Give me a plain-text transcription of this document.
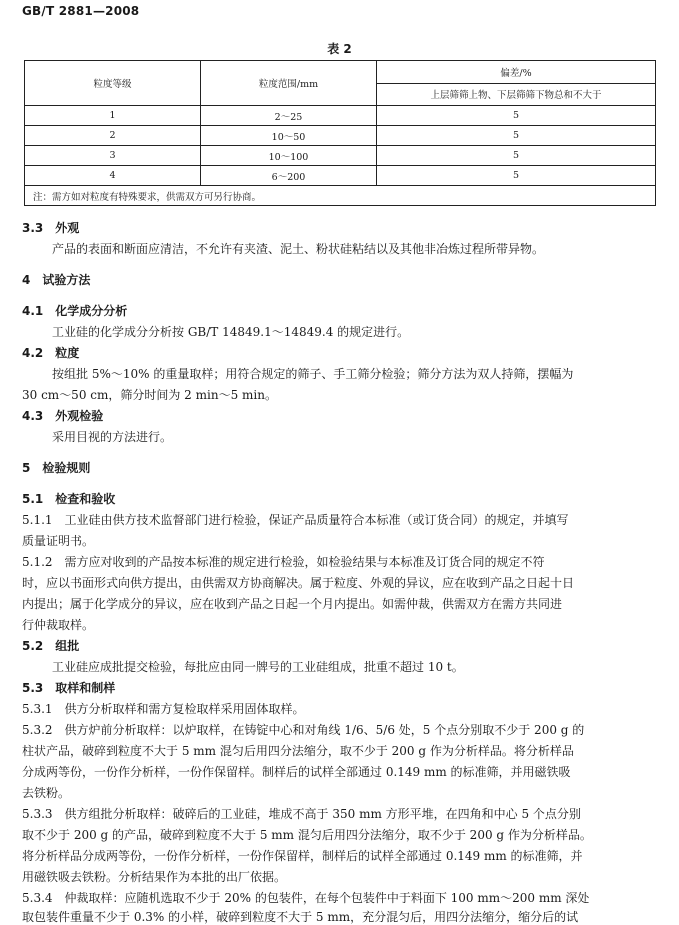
GB/T 2881—2008
表 2
粒度等级	粒度范围/mm	偏差/%
		上层筛筛上物、下层筛筛下物总和不大于
1	2～25	5
2	10～50	5
3	10～100	5
4	6～200	5
注：需方如对粒度有特殊要求，供需双方可另行协商。		
3.3　 外观
产品的表面和断面应清洁，不允许有夹渣、泥土、粉状硅粘结以及其他非冶炼过程所带异物。
4　 试验方法
4.1　 化学成分分析
工业硅的化学成分分析按 GB/T 14849.1～14849.4 的规定进行。
4.2　 粒度
按组批 5%～10% 的重量取样；用符合规定的筛子、手工筛分检验；筛分方法为双人持筛，摆幅为
30 cm～50 cm，筛分时间为 2 min～5 min。
4.3　 外观检验
采用目视的方法进行。
5　 检验规则
5.1　 检查和验收
5.1.1　工业硅由供方技术监督部门进行检验，保证产品质量符合本标准（或订货合同）的规定，并填写
质量证明书。
5.1.2　需方应对收到的产品按本标准的规定进行检验，如检验结果与本标准及订货合同的规定不符
时，应以书面形式向供方提出，由供需双方协商解决。属于粒度、外观的异议，应在收到产品之日起十日
内提出；属于化学成分的异议，应在收到产品之日起一个月内提出。如需仲裁，供需双方在需方共同进
行仲裁取样。
5.2　 组批
工业硅应成批提交检验，每批应由同一牌号的工业硅组成，批重不超过 10 t。
5.3　 取样和制样
5.3.1　供方分析取样和需方复检取样采用固体取样。
5.3.2　供方炉前分析取样：以炉取样，在铸锭中心和对角线 1/6、5/6 处，5 个点分别取不少于 200 g 的
柱状产品，破碎到粒度不大于 5 mm 混匀后用四分法缩分，取不少于 200 g 作为分析样品。将分析样品
分成两等份，一份作分析样，一份作保留样。制样后的试样全部通过 0.149 mm 的标准筛，并用磁铁吸
去铁粉。
5.3.3　供方组批分析取样：破碎后的工业硅，堆成不高于 350 mm 方形平堆，在四角和中心 5 个点分别
取不少于 200 g 的产品，破碎到粒度不大于 5 mm 混匀后用四分法缩分，取不少于 200 g 作为分析样品。
将分析样品分成两等份，一份作分析样，一份作保留样，制样后的试样全部通过 0.149 mm 的标准筛，并
用磁铁吸去铁粉。分析结果作为本批的出厂依据。
5.3.4　仲裁取样：应随机选取不少于 20% 的包装件，在每个包装件中于料面下 100 mm～200 mm 深处
取包装件重量不少于 0.3% 的小样，破碎到粒度不大于 5 mm，充分混匀后，用四分法缩分，缩分后的试
